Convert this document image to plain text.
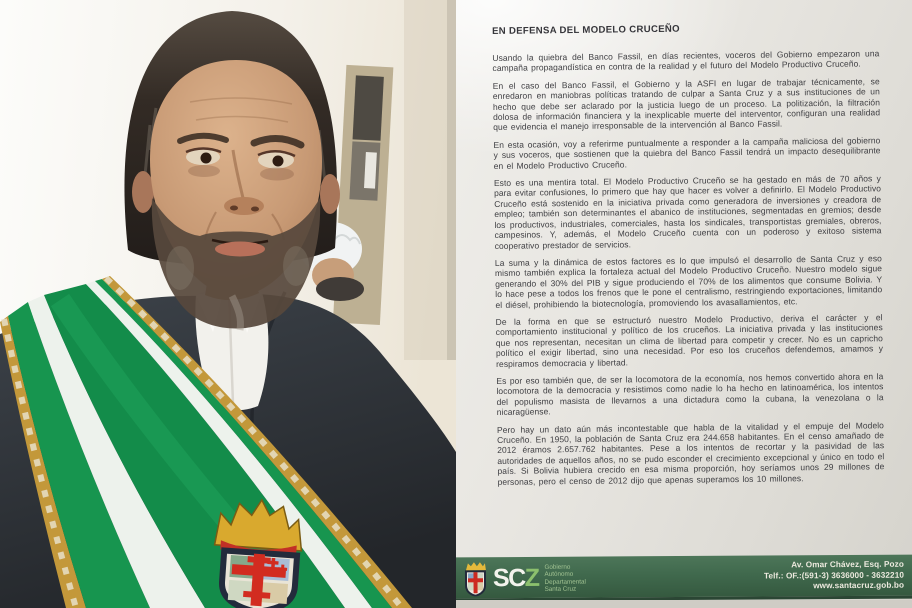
EN DEFENSA DEL MODELO CRUCEÑO

Usando la quiebra del Banco Fassil, en días recientes, voceros del Gobierno empezaron una campaña propagandística en contra de la realidad y el futuro del Modelo Productivo Cruceño.

En el caso del Banco Fassil, el Gobierno y la ASFI en lugar de trabajar técnicamente, se enredaron en maniobras políticas tratando de culpar a Santa Cruz y a sus instituciones de un hecho que debe ser aclarado por la justicia luego de un proceso. La politización, la filtración dolosa de información financiera y la inexplicable muerte del interventor, configuran una realidad que evidencia el manejo irresponsable de la intervención al Banco Fassil.

En esta ocasión, voy a referirme puntualmente a responder a la campaña maliciosa del gobierno y sus voceros, que sostienen que la quiebra del Banco Fassil tendrá un impacto desequilibrante en el Modelo Productivo Cruceño.

Esto es una mentira total. El Modelo Productivo Cruceño se ha gestado en más de 70 años y para evitar confusiones, lo primero que hay que hacer es volver a definirlo. El Modelo Productivo Cruceño está sostenido en la iniciativa privada como generadora de inversiones y creadora de empleo; también son determinantes el abanico de instituciones, segmentadas en gremios; desde los productivos, industriales, comerciales, hasta los sindicales, transportistas gremiales, obreros, campesinos. Y, además, el Modelo Cruceño cuenta con un poderoso y exitoso sistema cooperativo prestador de servicios.

La suma y la dinámica de estos factores es lo que impulsó el desarrollo de Santa Cruz y eso mismo también explica la fortaleza actual del Modelo Productivo Cruceño. Nuestro modelo sigue generando el 30% del PIB y sigue produciendo el 70% de los alimentos que consume Bolivia. Y lo hace pese a todos los frenos que le pone el centralismo, restringiendo exportaciones, limitando el diésel, prohibiendo la biotecnología, promoviendo los avasallamientos, etc.

De la forma en que se estructuró nuestro Modelo Productivo, deriva el carácter y el comportamiento institucional y político de los cruceños. La iniciativa privada y las instituciones que nos representan, necesitan un clima de libertad para competir y crecer. No es un capricho político el exigir libertad, sino una necesidad. Por eso los cruceños defendemos, amamos y respiramos democracia y libertad.

Es por eso también que, de ser la locomotora de la economía, nos hemos convertido ahora en la locomotora de la democracia y resistimos como nadie lo ha hecho en latinoamérica, los intentos del populismo masista de llevarnos a una dictadura como la cubana, la venezolana o la nicaragüense.

Pero hay un dato aún más incontestable que habla de la vitalidad y el empuje del Modelo Cruceño. En 1950, la población de Santa Cruz era 244.658 habitantes. En el censo amañado de 2012 éramos 2.657.762 habitantes. Pese a los intentos de recortar y la pasividad de las autoridades de aquellos años, no se pudo esconder el crecimiento excepcional y único en todo el país. Si Bolivia hubiera crecido en esa misma proporción, hoy seríamos unos 29 millones de personas, pero el censo de 2012 dijo que apenas superamos los 10 millones.

SCZ Gobierno
Autónomo
Departamental
Santa Cruz
Av. Omar Chávez, Esq. Pozo
Telf.: OF.:(591-3) 3636000 - 3632210
www.santacruz.gob.bo
